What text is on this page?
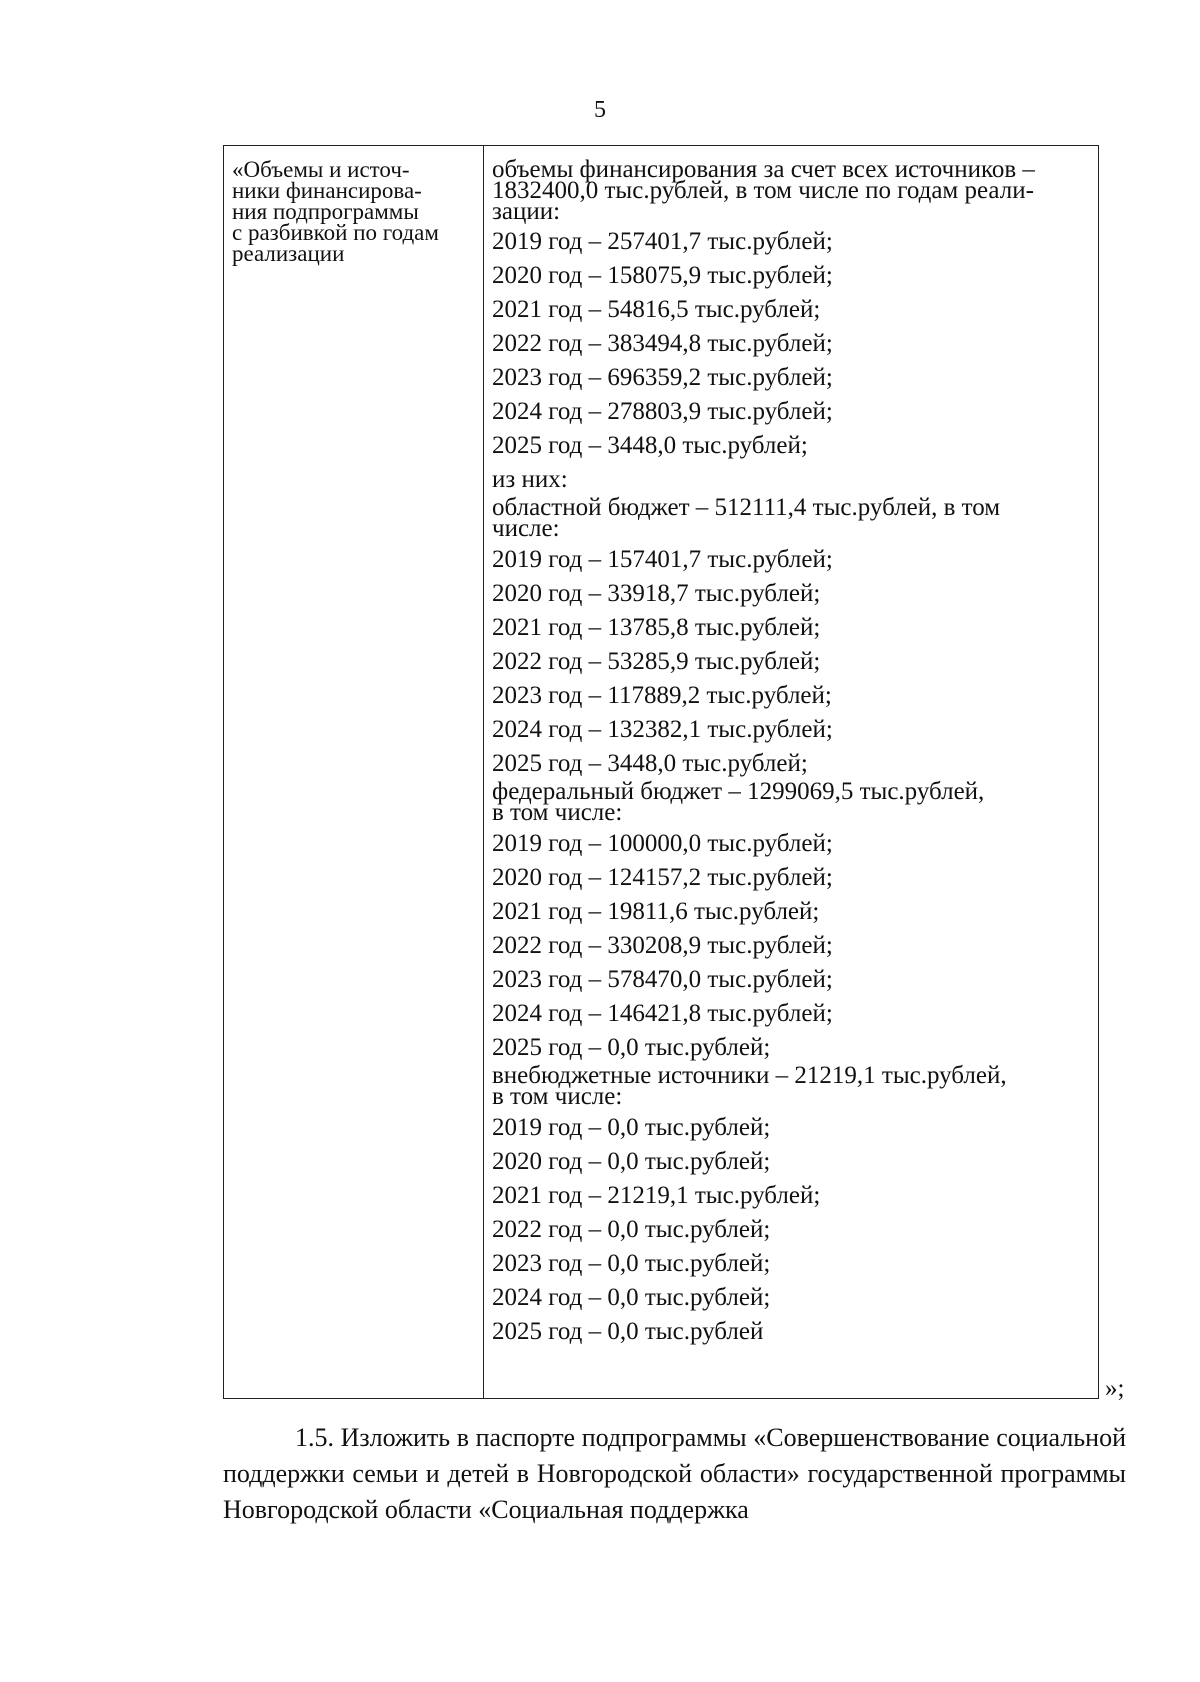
5
«Объемы и источ-
ники финансирова-
ния подпрограммы
с разбивкой по годам
реализации
объемы финансирования за счет всех источников –
1832400,0 тыс.рублей, в том числе по годам реали-
зации:
2019 год – 257401,7 тыс.рублей;
2020 год – 158075,9 тыс.рублей;
2021 год – 54816,5 тыс.рублей;
2022 год – 383494,8 тыс.рублей;
2023 год – 696359,2 тыс.рублей;
2024 год – 278803,9 тыс.рублей;
2025 год – 3448,0 тыс.рублей;
из них:
областной бюджет – 512111,4 тыс.рублей, в том
числе:
2019 год – 157401,7 тыс.рублей;
2020 год – 33918,7 тыс.рублей;
2021 год – 13785,8 тыс.рублей;
2022 год – 53285,9 тыс.рублей;
2023 год – 117889,2 тыс.рублей;
2024 год – 132382,1 тыс.рублей;
2025 год – 3448,0 тыс.рублей;
федеральный бюджет – 1299069,5 тыс.рублей,
в том числе:
2019 год – 100000,0 тыс.рублей;
2020 год – 124157,2 тыс.рублей;
2021 год – 19811,6 тыс.рублей;
2022 год – 330208,9 тыс.рублей;
2023 год – 578470,0 тыс.рублей;
2024 год – 146421,8 тыс.рублей;
2025 год – 0,0 тыс.рублей;
внебюджетные источники – 21219,1 тыс.рублей,
в том числе:
2019 год – 0,0 тыс.рублей;
2020 год – 0,0 тыс.рублей;
2021 год – 21219,1 тыс.рублей;
2022 год – 0,0 тыс.рублей;
2023 год – 0,0 тыс.рублей;
2024 год – 0,0 тыс.рублей;
2025 год – 0,0 тыс.рублей
»;
1.5. Изложить в паспорте подпрограммы «Совершенствование социальной поддержки семьи и детей в Новгородской области» государственной программы Новгородской области «Социальная поддержка
